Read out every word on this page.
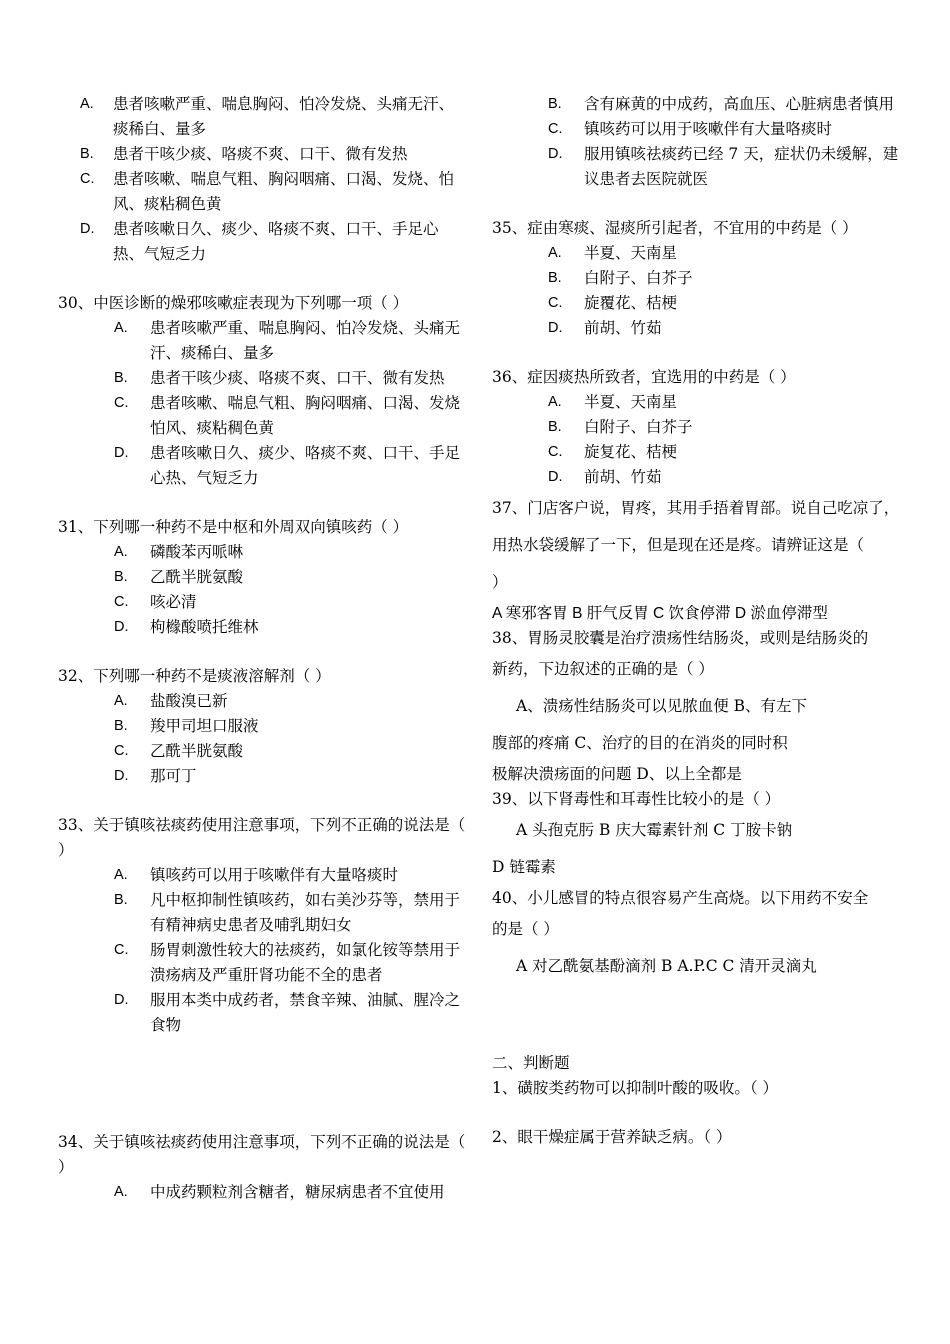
A. 患者咳嗽严重、喘息胸闷、怕冷发烧、头痛无汗、痰稀白、量多
B. 患者干咳少痰、咯痰不爽、口干、微有发热
C. 患者咳嗽、喘息气粗、胸闷咽痛、口渴、发烧、怕风、痰粘稠色黄
D. 患者咳嗽日久、痰少、咯痰不爽、口干、手足心热、气短乏力

30、中医诊断的燥邪咳嗽症表现为下列哪一项（ ）

A. 患者咳嗽严重、喘息胸闷、怕冷发烧、头痛无汗、痰稀白、量多
B. 患者干咳少痰、咯痰不爽、口干、微有发热
C. 患者咳嗽、喘息气粗、胸闷咽痛、口渴、发烧怕风、痰粘稠色黄
D. 患者咳嗽日久、痰少、咯痰不爽、口干、手足心热、气短乏力

31、下列哪一种药不是中枢和外周双向镇咳药（ ）

A. 磷酸苯丙哌啉
B. 乙酰半胱氨酸
C. 咳必清
D. 枸橼酸喷托维林

32、下列哪一种药不是痰液溶解剂（ ）

A. 盐酸溴已新
B. 羧甲司坦口服液
C. 乙酰半胱氨酸
D. 那可丁

33、关于镇咳祛痰药使用注意事项，下列不正确的说法是（ ）

A. 镇咳药可以用于咳嗽伴有大量咯痰时
B. 凡中枢抑制性镇咳药，如右美沙芬等，禁用于有精神病史患者及哺乳期妇女
C. 肠胃刺激性较大的祛痰药，如氯化铵等禁用于溃疡病及严重肝肾功能不全的患者
D. 服用本类中成药者，禁食辛辣、油腻、腥冷之食物

34、关于镇咳祛痰药使用注意事项，下列不正确的说法是（ ）

A. 中成药颗粒剂含糖者，糖尿病患者不宜使用
B. 含有麻黄的中成药，高血压、心脏病患者慎用
C. 镇咳药可以用于咳嗽伴有大量咯痰时
D. 服用镇咳祛痰药已经 7 天，症状仍未缓解，建议患者去医院就医

35、症由寒痰、湿痰所引起者，不宜用的中药是（ ）

A. 半夏、天南星
B. 白附子、白芥子
C. 旋覆花、桔梗
D. 前胡、竹茹

36、症因痰热所致者，宜选用的中药是（ ）

A. 半夏、天南星
B. 白附子、白芥子
C. 旋复花、桔梗
D. 前胡、竹茹

37、门店客户说，胃疼，其用手捂着胃部。说自己吃凉了，

用热水袋缓解了一下，但是现在还是疼。请辨证这是（

）

A 寒邪客胃 B 肝气反胃 C 饮食停滞 D 淤血停滞型

38、胃肠灵胶囊是治疗溃疡性结肠炎，或则是结肠炎的

新药，下边叙述的正确的是（ ）

A、溃疡性结肠炎可以见脓血便 B、有左下

腹部的疼痛 C、治疗的目的在消炎的同时积

极解决溃疡面的问题 D、以上全都是

39、以下肾毒性和耳毒性比较小的是（ ）

A 头孢克肟 B 庆大霉素针剂 C 丁胺卡钠

D 链霉素

40、小儿感冒的特点很容易产生高烧。以下用药不安全

的是（ ）

A 对乙酰氨基酚滴剂 B A.P.C C 清开灵滴丸

二、判断题

1、磺胺类药物可以抑制叶酸的吸收。（ ）

2、眼干燥症属于营养缺乏病。（ ）
